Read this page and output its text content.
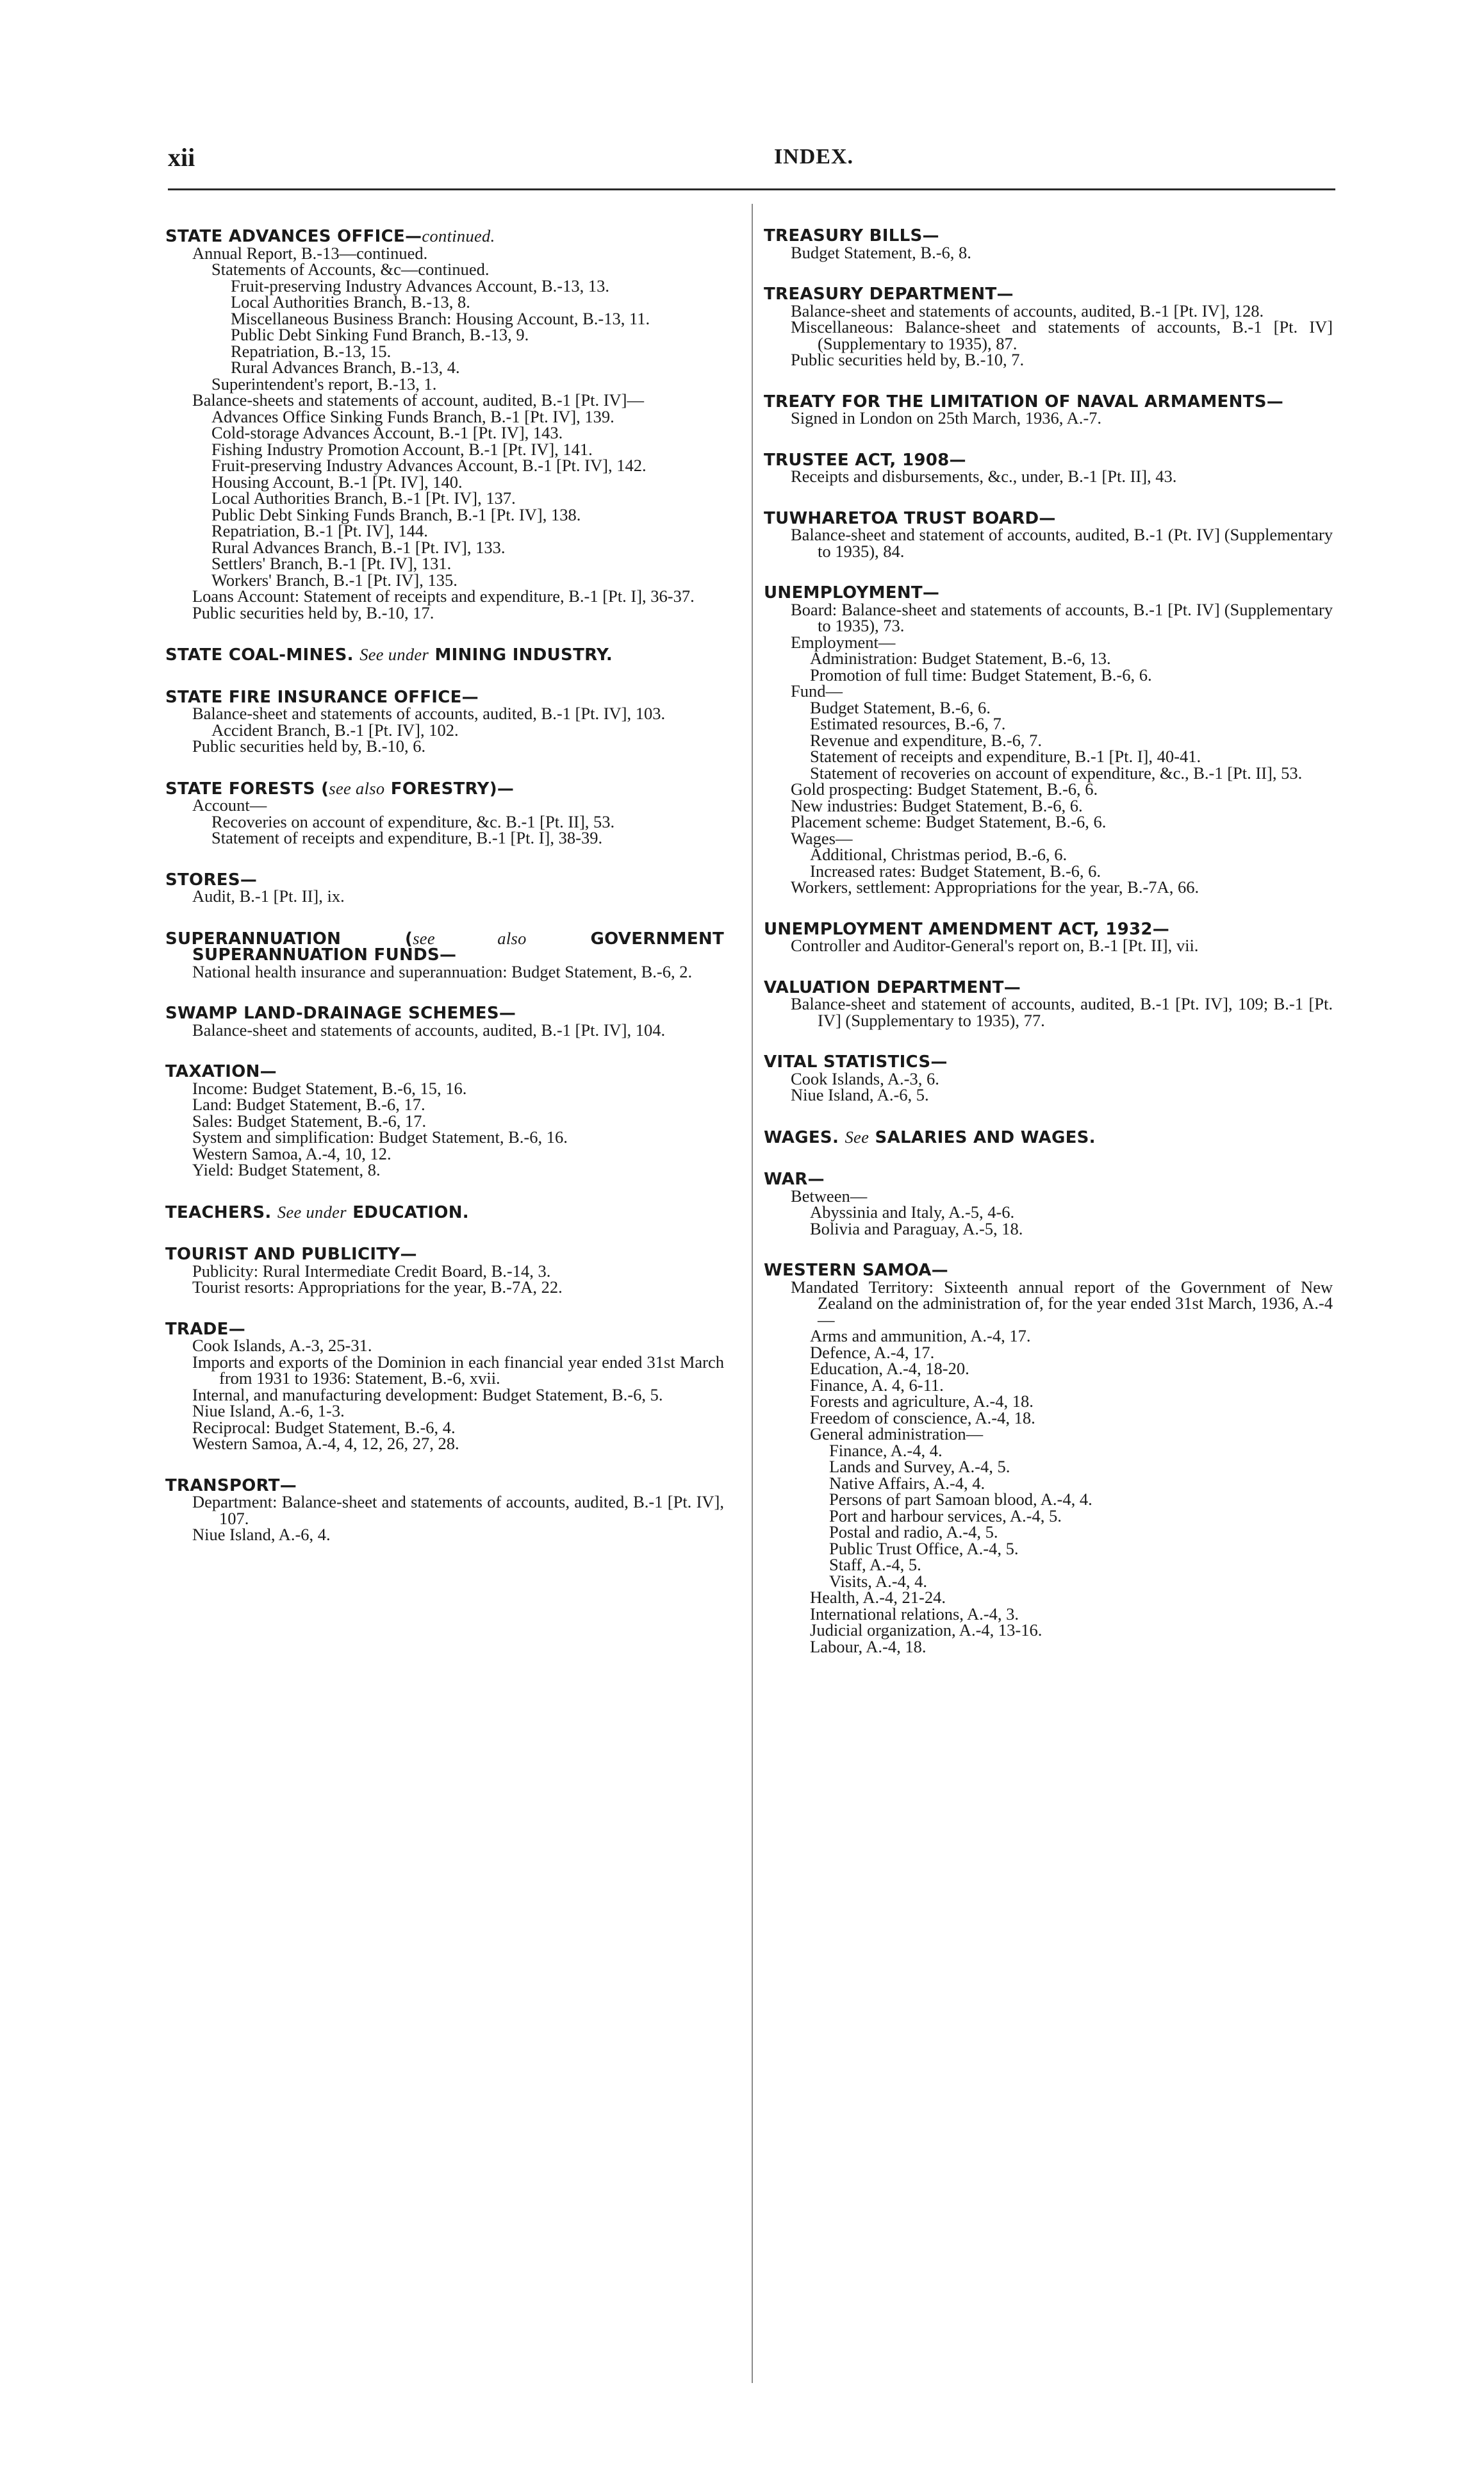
xii	INDEX.
STATE ADVANCES OFFICE—continued.
Annual Report, B.-13—continued.
Statements of Accounts, &c—continued.
Fruit-preserving Industry Advances Account, B.-13, 13.
Local Authorities Branch, B.-13, 8.
Miscellaneous Business Branch: Housing Account, B.-13, 11.
Public Debt Sinking Fund Branch, B.-13, 9.
Repatriation, B.-13, 15.
Rural Advances Branch, B.-13, 4.
Superintendent's report, B.-13, 1.
Balance-sheets and statements of account, audited, B.-1 [Pt. IV]—
Advances Office Sinking Funds Branch, B.-1 [Pt. IV], 139.
Cold-storage Advances Account, B.-1 [Pt. IV], 143.
Fishing Industry Promotion Account, B.-1 [Pt. IV], 141.
Fruit-preserving Industry Advances Account, B.-1 [Pt. IV], 142.
Housing Account, B.-1 [Pt. IV], 140.
Local Authorities Branch, B.-1 [Pt. IV], 137.
Public Debt Sinking Funds Branch, B.-1 [Pt. IV], 138.
Repatriation, B.-1 [Pt. IV], 144.
Rural Advances Branch, B.-1 [Pt. IV], 133.
Settlers' Branch, B.-1 [Pt. IV], 131.
Workers' Branch, B.-1 [Pt. IV], 135.
Loans Account: Statement of receipts and expenditure, B.-1 [Pt. I], 36-37.
Public securities held by, B.-10, 17.
STATE COAL-MINES. See under MINING INDUSTRY.
STATE FIRE INSURANCE OFFICE—
Balance-sheet and statements of accounts, audited, B.-1 [Pt. IV], 103.
Accident Branch, B.-1 [Pt. IV], 102.
Public securities held by, B.-10, 6.
STATE FORESTS (see also FORESTRY)—
Account—
Recoveries on account of expenditure, &c. B.-1 [Pt. II], 53.
Statement of receipts and expenditure, B.-1 [Pt. I], 38-39.
STORES—
Audit, B.-1 [Pt. II], ix.
SUPERANNUATION (see also GOVERNMENT SUPERANNUATION FUNDS—
National health insurance and superannuation: Budget Statement, B.-6, 2.
SWAMP LAND-DRAINAGE SCHEMES—
Balance-sheet and statements of accounts, audited, B.-1 [Pt. IV], 104.
TAXATION—
Income: Budget Statement, B.-6, 15, 16.
Land: Budget Statement, B.-6, 17.
Sales: Budget Statement, B.-6, 17.
System and simplification: Budget Statement, B.-6, 16.
Western Samoa, A.-4, 10, 12.
Yield: Budget Statement, 8.
TEACHERS. See under EDUCATION.
TOURIST AND PUBLICITY—
Publicity: Rural Intermediate Credit Board, B.-14, 3.
Tourist resorts: Appropriations for the year, B.-7A, 22.
TRADE—
Cook Islands, A.-3, 25-31.
Imports and exports of the Dominion in each financial year ended 31st March from 1931 to 1936: Statement, B.-6, xvii.
Internal, and manufacturing development: Budget Statement, B.-6, 5.
Niue Island, A.-6, 1-3.
Reciprocal: Budget Statement, B.-6, 4.
Western Samoa, A.-4, 4, 12, 26, 27, 28.
TRANSPORT—
Department: Balance-sheet and statements of accounts, audited, B.-1 [Pt. IV], 107.
Niue Island, A.-6, 4.
TREASURY BILLS—
Budget Statement, B.-6, 8.
TREASURY DEPARTMENT—
Balance-sheet and statements of accounts, audited, B.-1 [Pt. IV], 128.
Miscellaneous: Balance-sheet and statements of accounts, B.-1 [Pt. IV] (Supplementary to 1935), 87.
Public securities held by, B.-10, 7.
TREATY FOR THE LIMITATION OF NAVAL ARMAMENTS—
Signed in London on 25th March, 1936, A.-7.
TRUSTEE ACT, 1908—
Receipts and disbursements, &c., under, B.-1 [Pt. II], 43.
TUWHARETOA TRUST BOARD—
Balance-sheet and statement of accounts, audited, B.-1 (Pt. IV] (Supplementary to 1935), 84.
UNEMPLOYMENT—
Board: Balance-sheet and statements of accounts, B.-1 [Pt. IV] (Supplementary to 1935), 73.
Employment—
Administration: Budget Statement, B.-6, 13.
Promotion of full time: Budget Statement, B.-6, 6.
Fund—
Budget Statement, B.-6, 6.
Estimated resources, B.-6, 7.
Revenue and expenditure, B.-6, 7.
Statement of receipts and expenditure, B.-1 [Pt. I], 40-41.
Statement of recoveries on account of expenditure, &c., B.-1 [Pt. II], 53.
Gold prospecting: Budget Statement, B.-6, 6.
New industries: Budget Statement, B.-6, 6.
Placement scheme: Budget Statement, B.-6, 6.
Wages—
Additional, Christmas period, B.-6, 6.
Increased rates: Budget Statement, B.-6, 6.
Workers, settlement: Appropriations for the year, B.-7A, 66.
UNEMPLOYMENT AMENDMENT ACT, 1932—
Controller and Auditor-General's report on, B.-1 [Pt. II], vii.
VALUATION DEPARTMENT—
Balance-sheet and statement of accounts, audited, B.-1 [Pt. IV], 109; B.-1 [Pt. IV] (Supplementary to 1935), 77.
VITAL STATISTICS—
Cook Islands, A.-3, 6.
Niue Island, A.-6, 5.
WAGES. See SALARIES AND WAGES.
WAR—
Between—
Abyssinia and Italy, A.-5, 4-6.
Bolivia and Paraguay, A.-5, 18.
WESTERN SAMOA—
Mandated Territory: Sixteenth annual report of the Government of New Zealand on the administration of, for the year ended 31st March, 1936, A.-4—
Arms and ammunition, A.-4, 17.
Defence, A.-4, 17.
Education, A.-4, 18-20.
Finance, A. 4, 6-11.
Forests and agriculture, A.-4, 18.
Freedom of conscience, A.-4, 18.
General administration—
Finance, A.-4, 4.
Lands and Survey, A.-4, 5.
Native Affairs, A.-4, 4.
Persons of part Samoan blood, A.-4, 4.
Port and harbour services, A.-4, 5.
Postal and radio, A.-4, 5.
Public Trust Office, A.-4, 5.
Staff, A.-4, 5.
Visits, A.-4, 4.
Health, A.-4, 21-24.
International relations, A.-4, 3.
Judicial organization, A.-4, 13-16.
Labour, A.-4, 18.
